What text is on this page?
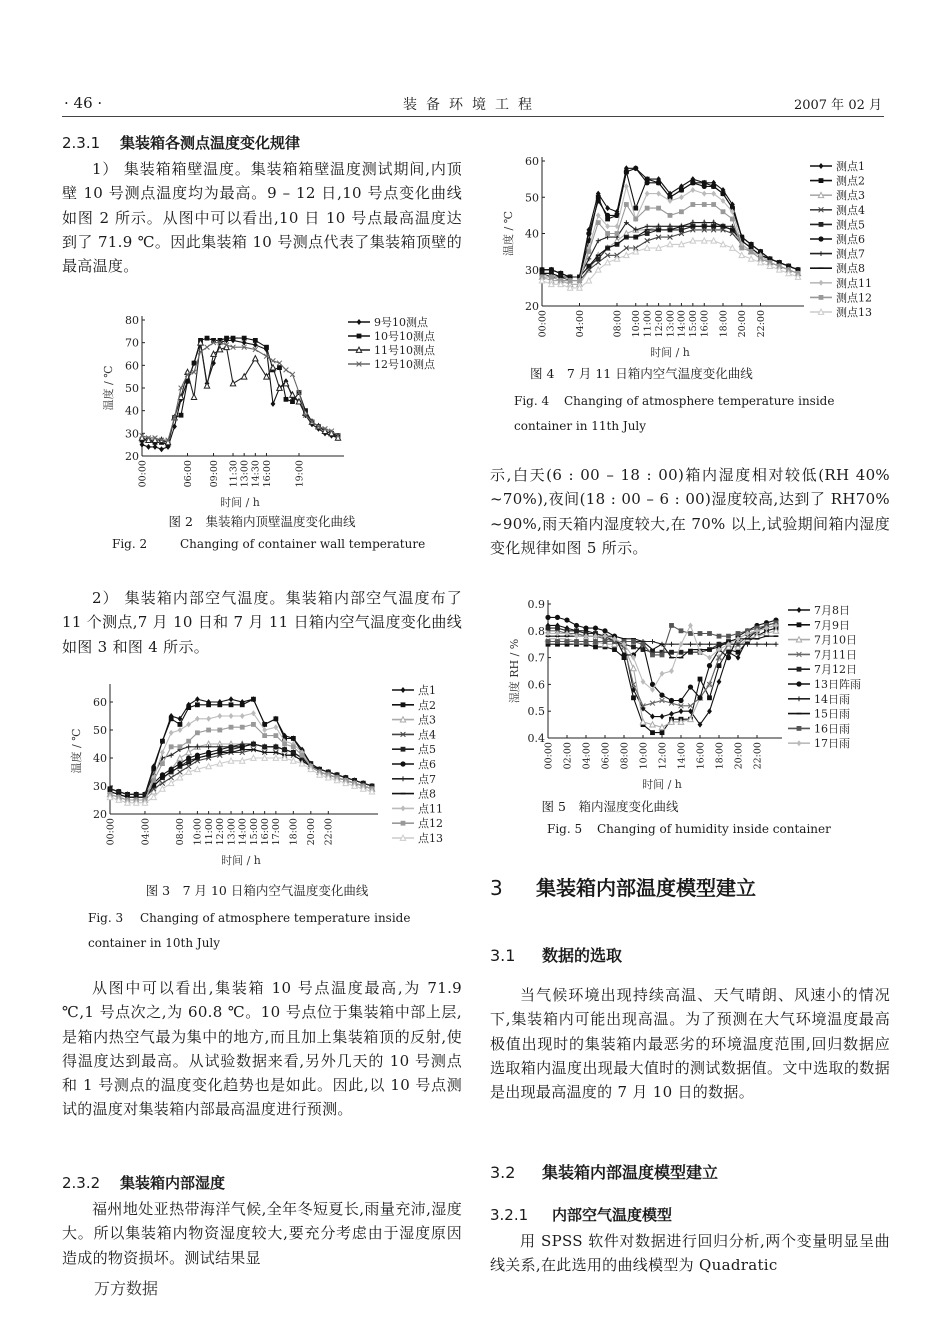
· 46 ·	装备环境工程	2007 年 02 月
2.3.1 集装箱各测点温度变化规律
1） 集装箱箱壁温度。集装箱箱壁温度测试期间,内顶壁 10 号测点温度均为最高。9 – 12 日,10 号点变化曲线如图 2 所示。从图中可以看出,10 日 10 号点最高温度达到了 71.9 ℃。因此集装箱 10 号测点代表了集装箱顶壁的最高温度。
20
30
40
50
60
70
80
00:00	06:00 09:00 11:30 13:00 14:30 16:00 19:00
时间 / h
温度 / ℃
9号10测点
10号10测点
11号10测点
12号10测点
图 2　集装箱内顶壁温度变化曲线
Fig. 2	Changing of container wall temperature
2） 集装箱内部空气温度。集装箱内部空气温度布了 11 个测点,7 月 10 日和 7 月 11 日箱内空气温度变化曲线如图 3 和图 4 所示。
20
30
40
50
60
00:00	04:00	08:00 10:00 11:00 12:00 13:00 14:00 15:00 16:00 17:00 18:00 20:00 22:00
时间 / h
温度 / ℃
点1
点2
点3
点4
点5
点6
点7
点8
点11
点12
点13
图 3　7 月 10 日箱内空气温度变化曲线
Fig. 3 Changing of atmosphere temperature inside container in 10th July
从图中可以看出,集装箱 10 号点温度最高,为 71.9 ℃,1 号点次之,为 60.8 ℃。10 号点位于集装箱中部上层,是箱内热空气最为集中的地方,而且加上集装箱顶的反射,使得温度达到最高。从试验数据来看,另外几天的 10 号测点和 1 号测点的温度变化趋势也是如此。因此,以 10 号点测试的温度对集装箱内部最高温度进行预测。
2.3.2 集装箱内部湿度
福州地处亚热带海洋气候,全年冬短夏长,雨量充沛,湿度大。所以集装箱内物资湿度较大,要充分考虑由于湿度原因造成的物资损坏。测试结果显
万方数据
20
30
40
50
60
00:00	04:00	08:00 10:00 11:00 12:00 13:00 14:00 15:00 16:00 18:00 20:00 22:00
时间 / h
温度 / ℃
测点1
测点2
测点3
测点4
测点5
测点6
测点7
测点8
测点11
测点12
测点13
图 4　7 月 11 日箱内空气温度变化曲线
Fig. 4 Changing of atmosphere temperature inside container in 11th July
示,白天(6 : 00 – 18 : 00)箱内湿度相对较低(RH 40% ~70%),夜间(18 : 00 – 6 : 00)湿度较高,达到了 RH70% ~90%,雨天箱内湿度较大,在 70% 以上,试验期间箱内湿度变化规律如图 5 所示。
0.4
0.5
0.6
0.7
0.8
0.9
00:00 02:00 04:00 06:00 08:00 10:00 12:00 14:00 16:00 18:00 20:00 22:00
时间 / h
湿度 RH / %
7月8日
7月9日
7月10日
7月11日
7月12日
13日阵雨
14日雨
15日雨
16日雨
17日雨
图 5　箱内湿度变化曲线
Fig. 5 Changing of humidity inside container
3 集装箱内部温度模型建立
3.1 数据的选取
当气候环境出现持续高温、天气晴朗、风速小的情况下,集装箱内可能出现高温。为了预测在大气环境温度最高极值出现时的集装箱内最恶劣的环境温度范围,回归数据应选取箱内温度出现最大值时的测试数据值。文中选取的数据是出现最高温度的 7 月 10 日的数据。
3.2 集装箱内部温度模型建立
3.2.1 内部空气温度模型
用 SPSS 软件对数据进行回归分析,两个变量明显呈曲线关系,在此选用的曲线模型为 Quadratic
